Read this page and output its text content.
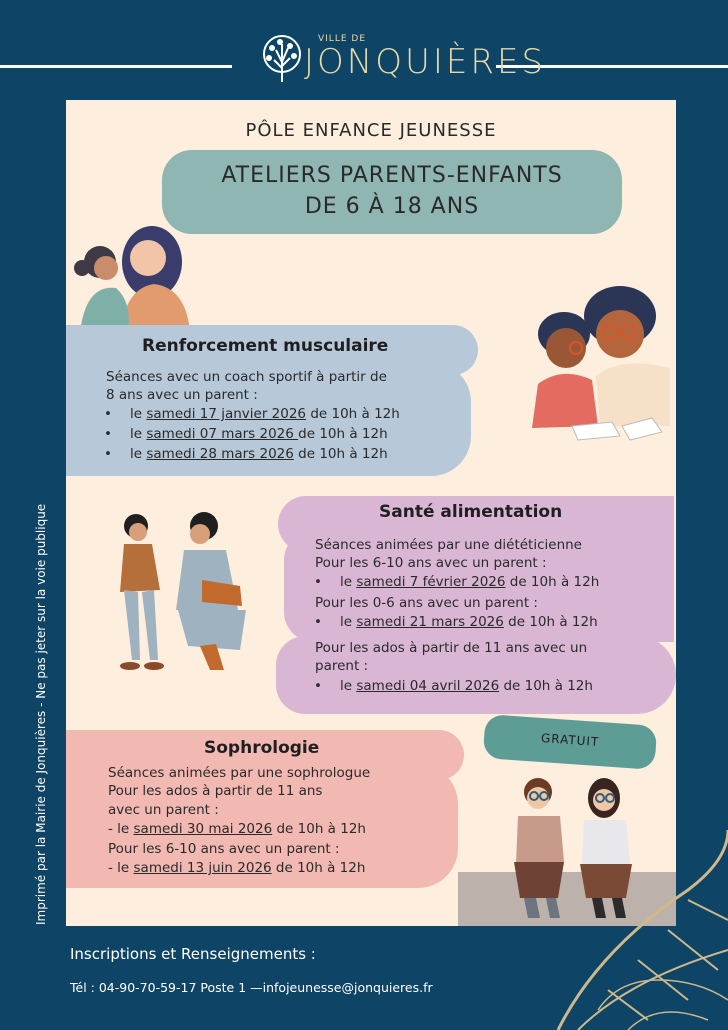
VILLE DE
JONQUIÈRES
Imprimé par la Mairie de Jonquières - Ne pas jeter sur la voie publique
PÔLE ENFANCE JEUNESSE
ATELIERS PARENTS-ENFANTS
DE 6 À 18 ANS
Renforcement musculaire
Séances avec un coach sportif à partir de
8 ans avec un parent :
• le samedi 17 janvier 2026 de 10h à 12h
• le samedi 07 mars 2026 de 10h à 12h
• le samedi 28 mars 2026 de 10h à 12h
Santé alimentation
Séances animées par une diététicienne
Pour les 6-10 ans avec un parent :
• le samedi 7 février 2026 de 10h à 12h
Pour les 0-6 ans avec un parent :
• le samedi 21 mars 2026 de 10h à 12h
Pour les ados à partir de 11 ans avec un
parent :
• le samedi 04 avril 2026 de 10h à 12h
GRATUIT
Sophrologie
Séances animées par une sophrologue
Pour les ados à partir de 11 ans
avec un parent :
- le samedi 30 mai 2026 de 10h à 12h
Pour les 6-10 ans avec un parent :
- le samedi 13 juin 2026 de 10h à 12h
Inscriptions et Renseignements :
Tél : 04-90-70-59-17 Poste 1 —infojeunesse@jonquieres.fr
